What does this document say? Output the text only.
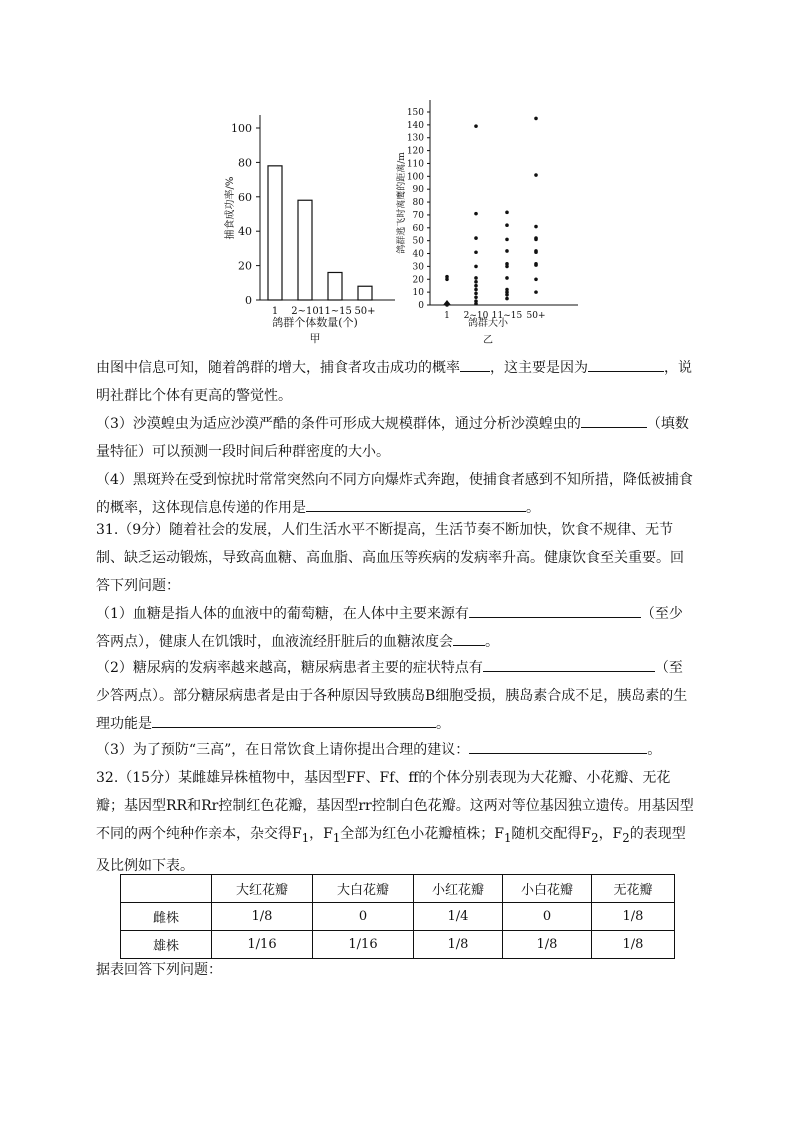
0
20
40
60
80
100
1 2~10 11~15 50+
捕食成功率/%
鸽群个体数量(个)
甲
0
10
20
30
40
50
60
70
80
90
100
110
120
130
140
150
1 2~10 11~15 50+
鸽群逃飞时离鹰的距离/m
鸽群大小
乙
由图中信息可知，随着鸽群的增大，捕食者攻击成功的概率 ，这主要是因为	，说明社群比个体有更高的警觉性。
（3）沙漠蝗虫为适应沙漠严酷的条件可形成大规模群体，通过分析沙漠蝗虫的	（填数量特征）可以预测一段时间后种群密度的大小。
（4）黑斑羚在受到惊扰时常常突然向不同方向爆炸式奔跑，使捕食者感到不知所措，降低被捕食的概率，这体现信息传递的作用是	。
31.（9分）随着社会的发展，人们生活水平不断提高，生活节奏不断加快，饮食不规律、无节制、缺乏运动锻炼，导致高血糖、高血脂、高血压等疾病的发病率升高。健康饮食至关重要。回答下列问题：
（1）血糖是指人体的血液中的葡萄糖，在人体中主要来源有	（至少答两点），健康人在饥饿时，血液流经肝脏后的血糖浓度会 。
（2）糖尿病的发病率越来越高，糖尿病患者主要的症状特点有	（至少答两点）。部分糖尿病患者是由于各种原因导致胰岛B细胞受损，胰岛素合成不足，胰岛素的生理功能是	。
（3）为了预防“三高”，在日常饮食上请你提出合理的建议：	。
32.（15分）某雌雄异株植物中，基因型FF、Ff、ff的个体分别表现为大花瓣、小花瓣、无花瓣；基因型RR和Rr控制红色花瓣，基因型rr控制白色花瓣。这两对等位基因独立遗传。用基因型不同的两个纯种作亲本，杂交得$F_1$，$F_1$全部为红色小花瓣植株；$F_1$随机交配得$F_2$，$F_2$的表现型及比例如下表。
	大红花瓣	大白花瓣	小红花瓣	小白花瓣	无花瓣
雌株	1/8	0	1/4	0	1/8
雄株	1/16	1/16	1/8	1/8	1/8
据表回答下列问题：
